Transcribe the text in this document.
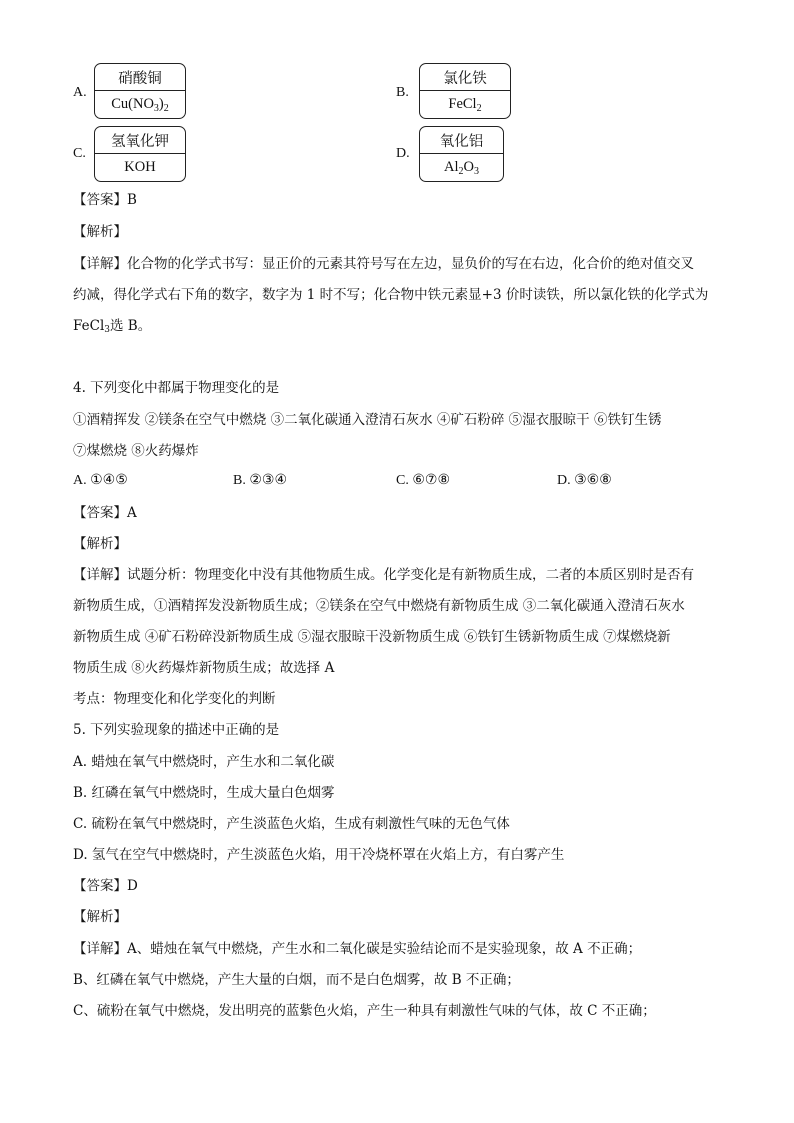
A.
硝酸铜
$Cu(NO_3)_2$
B.
氯化铁
FeCl$_2$
C.
氢氧化钾
KOH
D.
氧化铝
$Al_2O_3$
【答案】B
【解析】
【详解】化合物的化学式书写：显正价的元素其符号写在左边，显负价的写在右边，化合价的绝对值交叉
约减，得化学式右下角的数字，数字为 1 时不写；化合物中铁元素显+3 价时读铁，所以氯化铁的化学式为
FeCl$_3$选 B。
4. 下列变化中都属于物理变化的是
①酒精挥发 ②镁条在空气中燃烧 ③二氧化碳通入澄清石灰水 ④矿石粉碎 ⑤湿衣服晾干 ⑥铁钉生锈
⑦煤燃烧 ⑧火药爆炸
A. ①④⑤	B. ②③④	C. ⑥⑦⑧	D. ③⑥⑧
【答案】A
【解析】
【详解】试题分析：物理变化中没有其他物质生成。化学变化是有新物质生成，二者的本质区别时是否有
新物质生成，①酒精挥发没新物质生成；②镁条在空气中燃烧有新物质生成 ③二氧化碳通入澄清石灰水
新物质生成 ④矿石粉碎没新物质生成 ⑤湿衣服晾干没新物质生成 ⑥铁钉生锈新物质生成 ⑦煤燃烧新
物质生成 ⑧火药爆炸新物质生成；故选择 A
考点：物理变化和化学变化的判断
5. 下列实验现象的描述中正确的是
A. 蜡烛在氧气中燃烧时，产生水和二氧化碳
B. 红磷在氧气中燃烧时，生成大量白色烟雾
C. 硫粉在氧气中燃烧时，产生淡蓝色火焰，生成有刺激性气味的无色气体
D. 氢气在空气中燃烧时，产生淡蓝色火焰，用干冷烧杯罩在火焰上方，有白雾产生
【答案】D
【解析】
【详解】A、蜡烛在氧气中燃烧，产生水和二氧化碳是实验结论而不是实验现象，故 A 不正确；
B、红磷在氧气中燃烧，产生大量的白烟，而不是白色烟雾，故 B 不正确；
C、硫粉在氧气中燃烧，发出明亮的蓝紫色火焰，产生一种具有刺激性气味的气体，故 C 不正确；
